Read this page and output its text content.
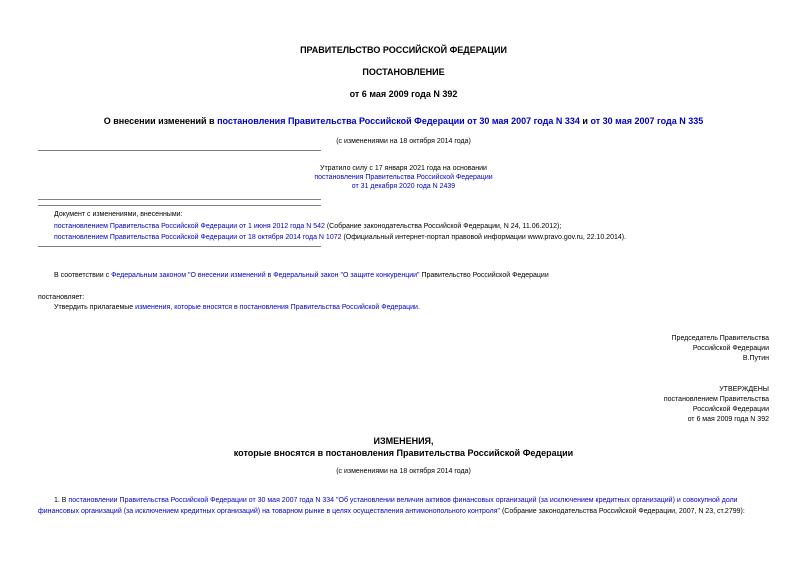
ПРАВИТЕЛЬСТВО РОССИЙСКОЙ ФЕДЕРАЦИИ
ПОСТАНОВЛЕНИЕ
от 6 мая 2009 года N 392
О внесении изменений в постановления Правительства Российской Федерации от 30 мая 2007 года N 334 и от 30 мая 2007 года N 335
(с изменениями на 18 октября 2014 года)
Утратило силу с 17 января 2021 года на основании
постановления Правительства Российской Федерации
от 31 декабря 2020 года N 2439
Документ с изменениями, внесенными:
постановлением Правительства Российской Федерации от 1 июня 2012 года N 542 (Собрание законодательства Российской Федерации, N 24, 11.06.2012);
постановлением Правительства Российской Федерации от 18 октября 2014 года N 1072 (Официальный интернет-портал правовой информации www.pravo.gov.ru, 22.10.2014).
В соответствии с Федеральным законом "О внесении изменений в Федеральный закон "О защите конкуренции" Правительство Российской Федерации
постановляет:
Утвердить прилагаемые изменения, которые вносятся в постановления Правительства Российской Федерации.
Председатель Правительства
Российской Федерации
В.Путин
УТВЕРЖДЕНЫ
постановлением Правительства
Российской Федерации
от 6 мая 2009 года N 392
ИЗМЕНЕНИЯ,
которые вносятся в постановления Правительства Российской Федерации
(с изменениями на 18 октября 2014 года)
1. В постановлении Правительства Российской Федерации от 30 мая 2007 года N 334 "Об установлении величин активов финансовых организаций (за исключением кредитных организаций) и совокупной доли финансовых организаций (за исключением кредитных организаций) на товарном рынке в целях осуществления антимонопольного контроля" (Собрание законодательства Российской Федерации, 2007, N 23, ст.2799):
